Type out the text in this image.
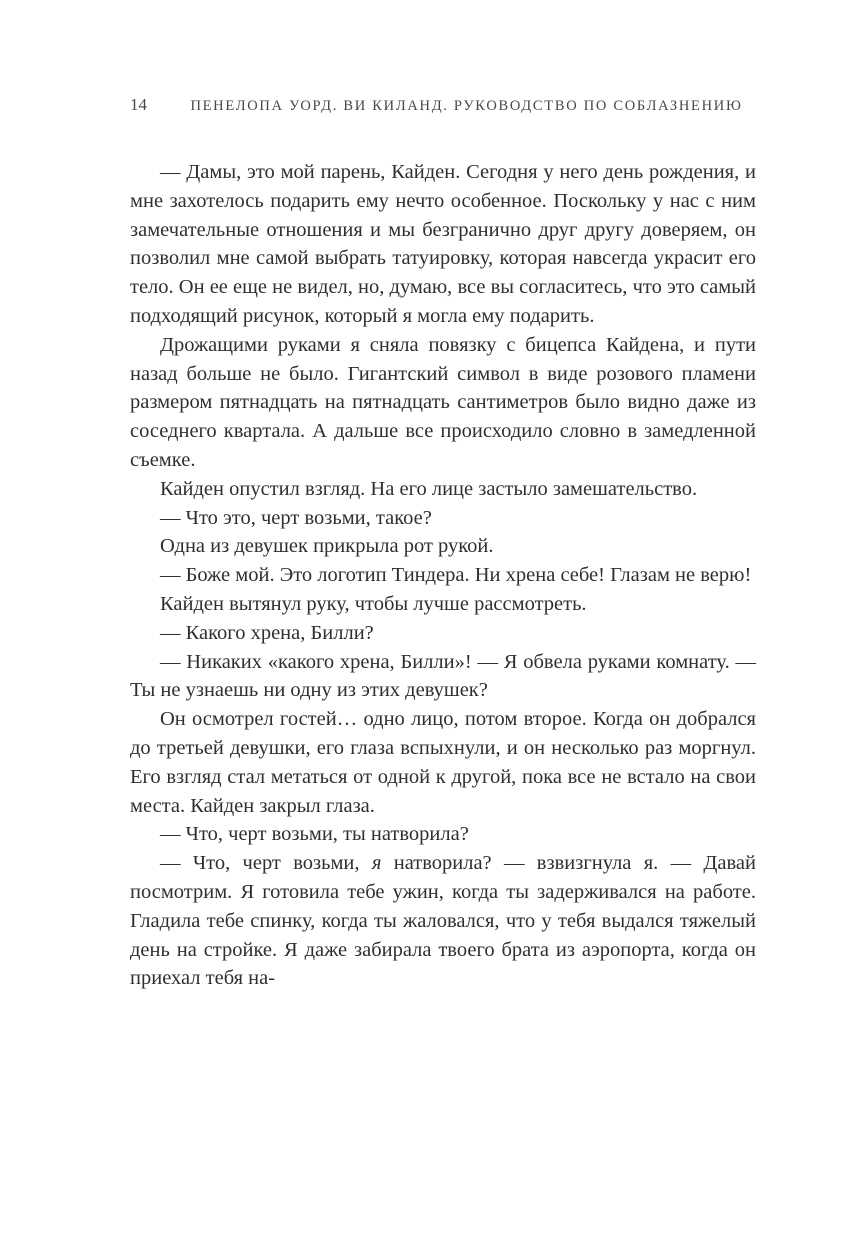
14	ПЕНЕЛОПА УОРД. ВИ КИЛАНД. РУКОВОДСТВО ПО СОБЛАЗНЕНИЮ

— Дамы, это мой парень, Кайден. Сегодня у него день рождения, и мне захотелось подарить ему нечто особенное. Поскольку у нас с ним замечательные отношения и мы безгранично друг другу доверяем, он позволил мне самой выбрать татуировку, которая навсегда украсит его тело. Он ее еще не видел, но, думаю, все вы согласитесь, что это самый подходящий рисунок, который я могла ему подарить.

Дрожащими руками я сняла повязку с бицепса Кайдена, и пути назад больше не было. Гигантский символ в виде розового пламени размером пятнадцать на пятнадцать сантиметров было видно даже из соседнего квартала. А дальше все происходило словно в замедленной съемке.

Кайден опустил взгляд. На его лице застыло замешательство.

— Что это, черт возьми, такое?

Одна из девушек прикрыла рот рукой.

— Боже мой. Это логотип Тиндера. Ни хрена себе! Глазам не верю!

Кайден вытянул руку, чтобы лучше рассмотреть.

— Какого хрена, Билли?

— Никаких «какого хрена, Билли»! — Я обвела руками комнату. — Ты не узнаешь ни одну из этих девушек?

Он осмотрел гостей… одно лицо, потом второе. Когда он добрался до третьей девушки, его глаза вспыхнули, и он несколько раз моргнул. Его взгляд стал метаться от одной к другой, пока все не встало на свои места. Кайден закрыл глаза.

— Что, черт возьми, ты натворила?

— Что, черт возьми, я натворила? — взвизгнула я. — Давай посмотрим. Я готовила тебе ужин, когда ты задерживался на работе. Гладила тебе спинку, когда ты жаловался, что у тебя выдался тяжелый день на стройке. Я даже забирала твоего брата из аэропорта, когда он приехал тебя на-
